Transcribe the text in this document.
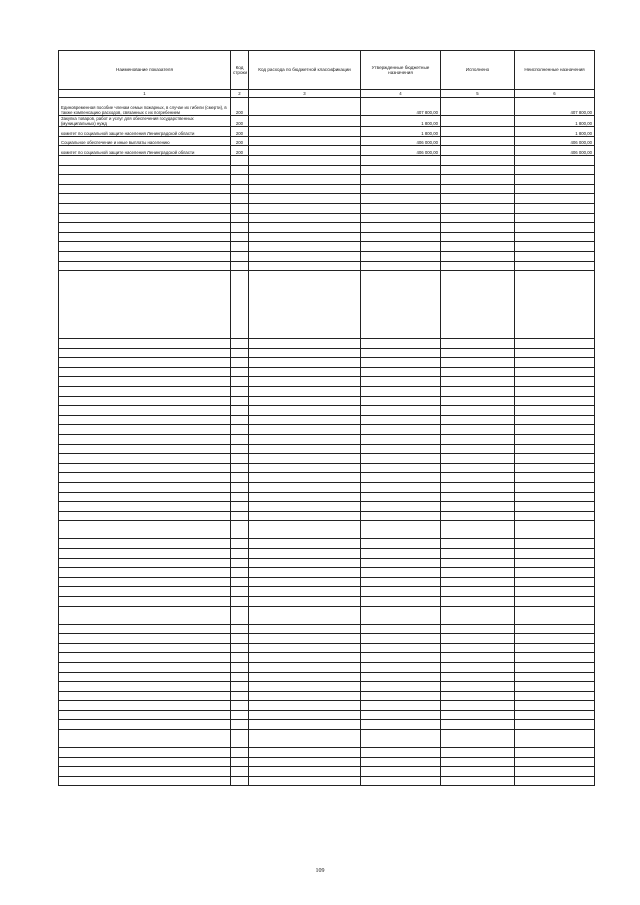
Наименование показателя	Код строки	Код расхода по бюджетной классификации	Утвержденные бюджетные назначения	Исполнено	Неисполненные назначения
1	2	3	4	5	6
Единовременная пособие членам семьи пожарных, в случае их гибели (смерти), в также компенсацию расходов, связанных с их погребением	200		407 800,00		407 800,00
Закупка товаров, работ и услуг для обеспечения государственных (муниципальных) нужд	200		1 800,00		1 800,00
комитет по социальной защите населения Ленинградской области	200		1 800,00		1 800,00
Социальное обеспечение и иные выплаты населению	200		406 000,00		406 000,00
комитет по социальной защите населения Ленинградской области	200		406 000,00		406 000,00

109
